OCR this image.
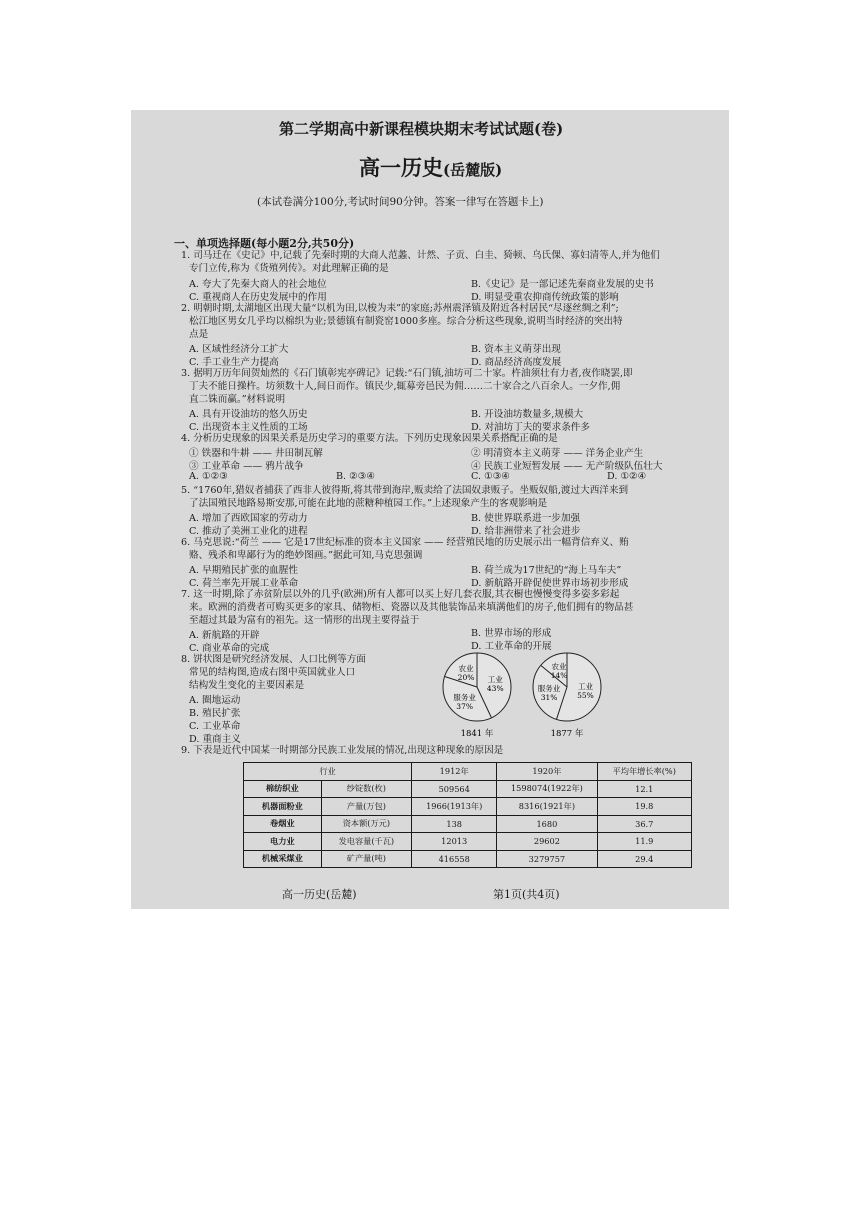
第二学期高中新课程模块期末考试试题(卷)
高一历史(岳麓版)
(本试卷满分100分,考试时间90分钟。答案一律写在答题卡上)
一、单项选择题(每小题2分,共50分)
1. 司马迁在《史记》中,记载了先秦时期的大商人范蠡、计然、子贡、白圭、猗顿、乌氏倮、寡妇清等人,并为他们
专门立传,称为《货殖列传》。对此理解正确的是
A. 夸大了先秦大商人的社会地位	B.《史记》是一部记述先秦商业发展的史书
C. 重视商人在历史发展中的作用	D. 明显受重农抑商传统政策的影响
2. 明朝时期,太湖地区出现大量“以机为田,以梭为耒”的家庭;苏州震泽镇及附近各村居民“尽逐丝绸之利”;
松江地区男女几乎均以棉织为业;景德镇有制瓷窑1000多座。综合分析这些现象,说明当时经济的突出特
点是
A. 区域性经济分工扩大	B. 资本主义萌芽出现
C. 手工业生产力提高	D. 商品经济高度发展
3. 据明万历年间贺灿然的《石门镇彰宪亭碑记》记载:“石门镇,油坊可二十家。杵油须壮有力者,夜作晓罢,即
丁夫不能日操杵。坊须数十人,间日而作。镇民少,辄募旁邑民为佣……二十家合之八百余人。一夕作,佣
直二铢而赢。”材料说明
A. 具有开设油坊的悠久历史	B. 开设油坊数量多,规模大
C. 出现资本主义性质的工场	D. 对油坊丁夫的要求条件多
4. 分析历史现象的因果关系是历史学习的重要方法。下列历史现象因果关系搭配正确的是
① 铁器和牛耕 —— 井田制瓦解	② 明清资本主义萌芽 —— 洋务企业产生
③ 工业革命 —— 鸦片战争	④ 民族工业短暂发展 —— 无产阶级队伍壮大
A. ①②③	B. ②③④	C. ①③④	D. ①②④
5. “1760年,猎奴者捕获了西非人彼得斯,将其带到海岸,贩卖给了法国奴隶贩子。坐贩奴船,渡过大西洋来到
了法国殖民地路易斯安那,可能在此地的蔗糖种植园工作。”上述现象产生的客观影响是
A. 增加了西欧国家的劳动力	B. 使世界联系进一步加强
C. 推动了美洲工业化的进程	D. 给非洲带来了社会进步
6. 马克思说:“荷兰 —— 它是17世纪标准的资本主义国家 —— 经营殖民地的历史展示出一幅背信弃义、贿
赂、残杀和卑鄙行为的绝妙图画。”据此可知,马克思强调
A. 早期殖民扩张的血腥性	B. 荷兰成为17世纪的“海上马车夫”
C. 荷兰率先开展工业革命	D. 新航路开辟促使世界市场初步形成
7. 这一时期,除了赤贫阶层以外的几乎(欧洲)所有人都可以买上好几套衣服,其衣橱也慢慢变得多姿多彩起
来。欧洲的消费者可购买更多的家具、储物柜、瓷器以及其他装饰品来填满他们的房子,他们拥有的物品甚
至超过其最为富有的祖先。这一情形的出现主要得益于
A. 新航路的开辟	B. 世界市场的形成
C. 商业革命的完成	D. 工业革命的开展
8. 饼状图是研究经济发展、人口比例等方面
常见的结构图,造成右图中英国就业人口
结构发生变化的主要因素是
A. 圈地运动
B. 殖民扩张
C. 工业革命
D. 重商主义
农业
20% 工业
43%
服务业
37%
1841 年
农业
14%
工业
55%
服务业
31%
1877 年
9. 下表是近代中国某一时期部分民族工业发展的情况,出现这种现象的原因是
行业		1912年	1920年	平均年增长率(%)
棉纺织业	纱锭数(枚)	509564	1598074(1922年)	12.1
机器面粉业	产量(万包)	1966(1913年)	8316(1921年)	19.8
卷烟业	资本额(万元)	138	1680	36.7
电力业	发电容量(千瓦)	12013	29602	11.9
机械采煤业	矿产量(吨)	416558	3279757	29.4
高一历史(岳麓)	第1页(共4页)
